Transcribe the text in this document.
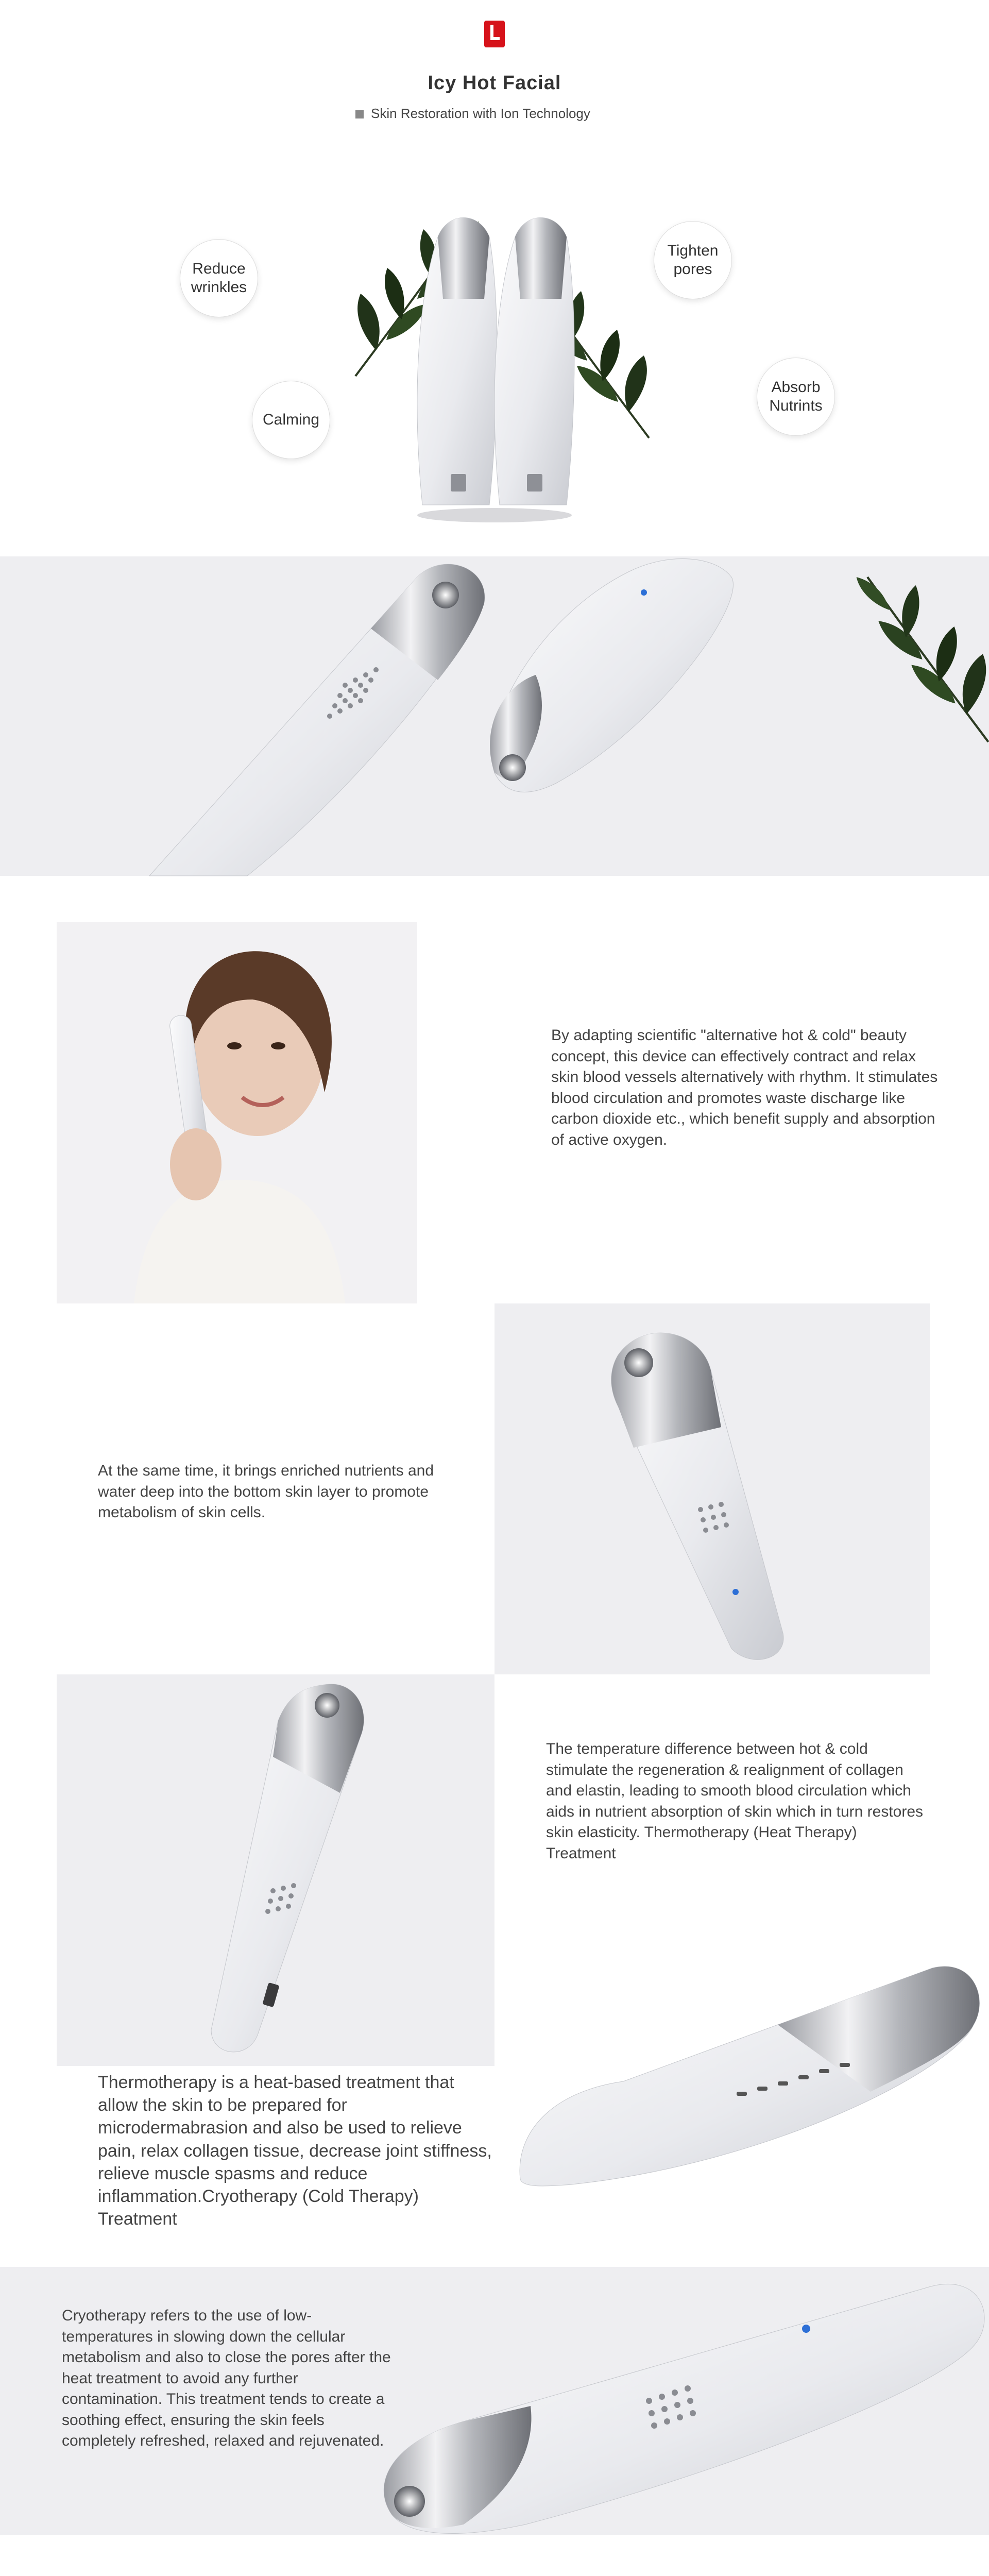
Icy Hot Facial
Skin Restoration with Ion Technology
Reduce wrinkles
Tighten pores
Calming
Absorb Nutrints
By adapting scientific "alternative hot & cold" beauty concept, this device can effectively contract and relax skin blood vessels alternatively with rhythm. It stimulates blood circulation and promotes waste discharge like carbon dioxide etc., which benefit supply and absorption of active oxygen.
At the same time, it brings enriched nutrients and water deep into the bottom skin layer to promote metabolism of skin cells.
The temperature difference between hot & cold stimulate the regeneration & realignment of collagen and elastin, leading to smooth blood circulation which aids in nutrient absorption of skin which in turn restores skin elasticity. Thermotherapy (Heat Therapy) Treatment
Thermotherapy is a heat-based treatment that allow the skin to be prepared for microdermabrasion and also be used to relieve pain, relax collagen tissue, decrease joint stiffness, relieve muscle spasms and reduce inflammation.Cryotherapy (Cold Therapy) Treatment
Cryotherapy refers to the use of low-temperatures in slowing down the cellular metabolism and also to close the pores after the heat treatment to avoid any further contamination. This treatment tends to create a soothing effect, ensuring the skin feels completely refreshed, relaxed and rejuvenated.
